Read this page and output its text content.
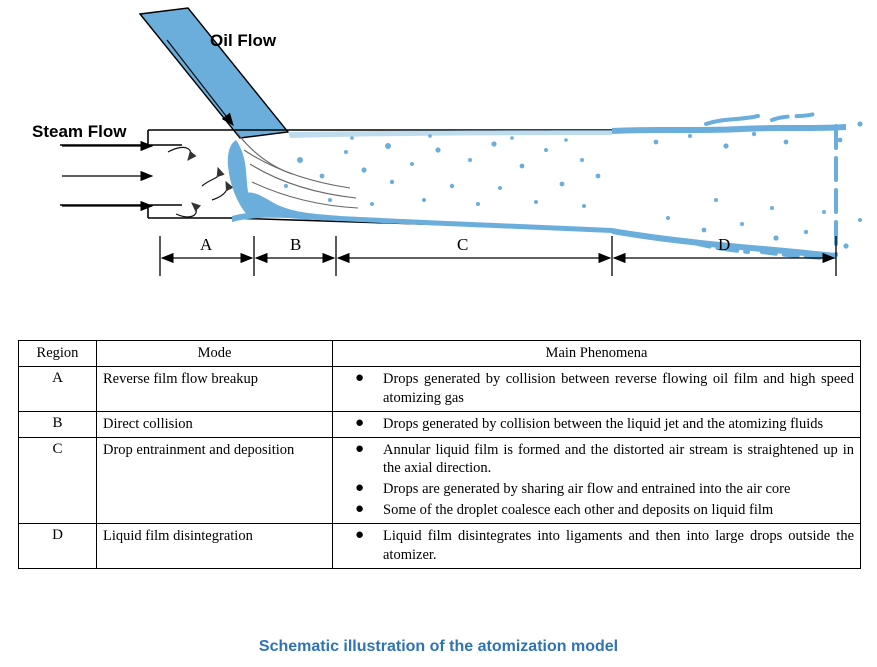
Oil Flow
Steam Flow
A	B	C	D
Region	Mode	Main Phenomena
A	Reverse film flow breakup	● Drops generated by collision between reverse flowing oil film and high speed atomizing gas

B	Direct collision	● Drops generated by collision between the liquid jet and the atomizing fluids

C	Drop entrainment and deposition	● Annular liquid film is formed and the distorted air stream is straightened up in the axial direction.
● Drops are generated by sharing air flow and entrained into the air core
● Some of the droplet coalesce each other and deposits on liquid film

D	Liquid film disintegration	● Liquid film disintegrates into ligaments and then into large drops outside the atomizer.
Schematic illustration of the atomization model
